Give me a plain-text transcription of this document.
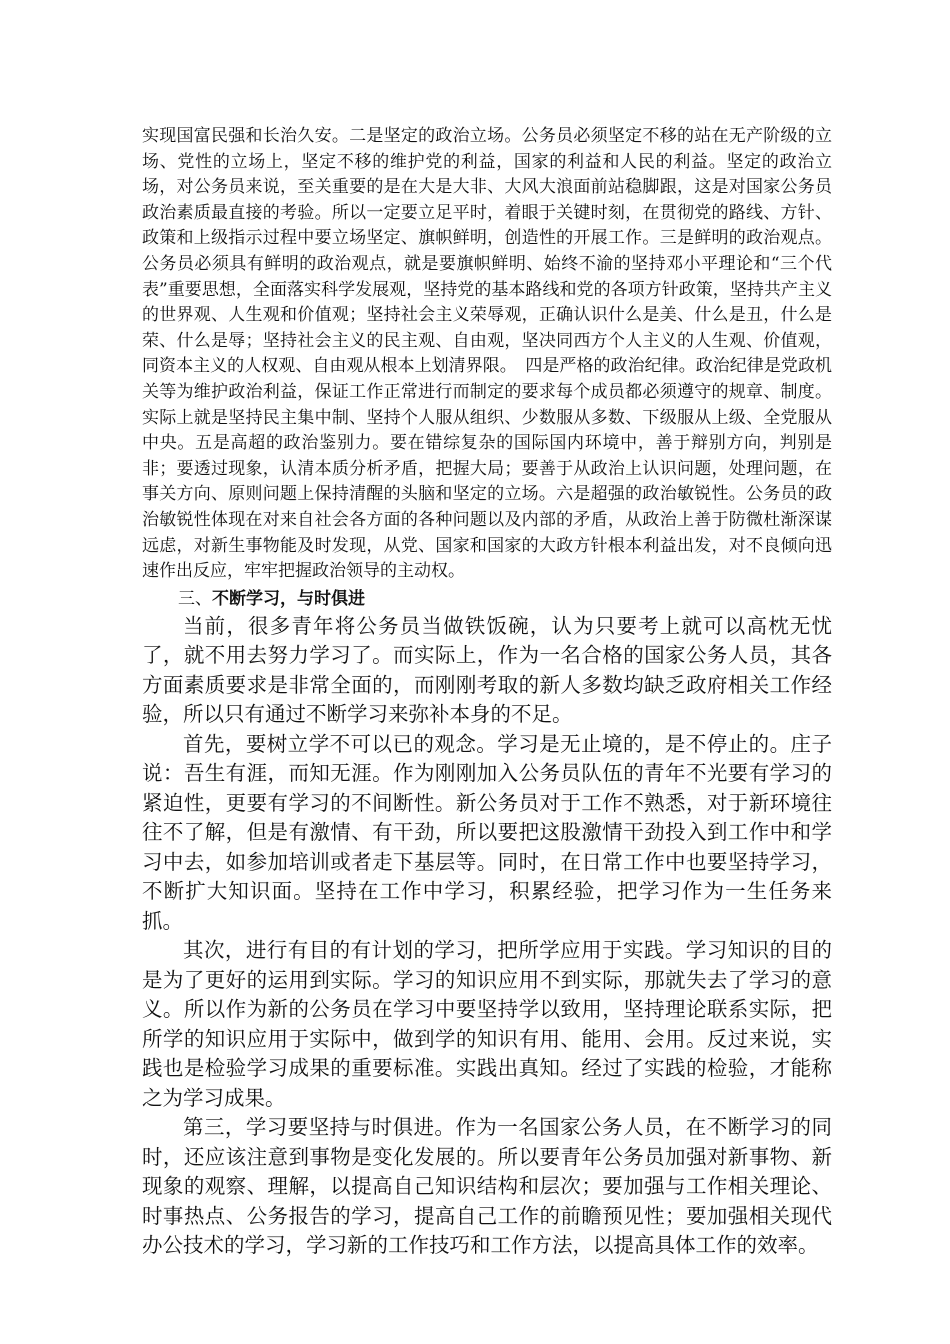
实现国富民强和长治久安。二是坚定的政治立场。公务员必须坚定不移的站在无产阶级的立场、党性的立场上，坚定不移的维护党的利益，国家的利益和人民的利益。坚定的政治立场，对公务员来说，至关重要的是在大是大非、大风大浪面前站稳脚跟，这是对国家公务员政治素质最直接的考验。所以一定要立足平时，着眼于关键时刻，在贯彻党的路线、方针、政策和上级指示过程中要立场坚定、旗帜鲜明，创造性的开展工作。三是鲜明的政治观点。公务员必须具有鲜明的政治观点，就是要旗帜鲜明、始终不渝的坚持邓小平理论和“三个代表”重要思想，全面落实科学发展观，坚持党的基本路线和党的各项方针政策，坚持共产主义的世界观、人生观和价值观；坚持社会主义荣辱观，正确认识什么是美、什么是丑，什么是荣、什么是辱；坚持社会主义的民主观、自由观，坚决同西方个人主义的人生观、价值观，同资本主义的人权观、自由观从根本上划清界限。　四是严格的政治纪律。政治纪律是党政机关等为维护政治利益，保证工作正常进行而制定的要求每个成员都必须遵守的规章、制度。实际上就是坚持民主集中制、坚持个人服从组织、少数服从多数、下级服从上级、全党服从中央。五是高超的政治鉴别力。要在错综复杂的国际国内环境中，善于辩别方向，判别是非；要透过现象，认清本质分析矛盾，把握大局；要善于从政治上认识问题，处理问题，在事关方向、原则问题上保持清醒的头脑和坚定的立场。六是超强的政治敏锐性。公务员的政治敏锐性体现在对来自社会各方面的各种问题以及内部的矛盾，从政治上善于防微杜渐深谋远虑，对新生事物能及时发现，从党、国家和国家的大政方针根本利益出发，对不良倾向迅速作出反应，牢牢把握政治领导的主动权。

三、不断学习，与时俱进

当前，很多青年将公务员当做铁饭碗，认为只要考上就可以高枕无忧了，就不用去努力学习了。而实际上，作为一名合格的国家公务人员，其各方面素质要求是非常全面的，而刚刚考取的新人多数均缺乏政府相关工作经验，所以只有通过不断学习来弥补本身的不足。

首先，要树立学不可以已的观念。学习是无止境的，是不停止的。庄子说：吾生有涯，而知无涯。作为刚刚加入公务员队伍的青年不光要有学习的紧迫性，更要有学习的不间断性。新公务员对于工作不熟悉，对于新环境往往不了解，但是有激情、有干劲，所以要把这股激情干劲投入到工作中和学习中去，如参加培训或者走下基层等。同时，在日常工作中也要坚持学习，不断扩大知识面。坚持在工作中学习，积累经验，把学习作为一生任务来抓。

其次，进行有目的有计划的学习，把所学应用于实践。学习知识的目的是为了更好的运用到实际。学习的知识应用不到实际，那就失去了学习的意义。所以作为新的公务员在学习中要坚持学以致用，坚持理论联系实际，把所学的知识应用于实际中，做到学的知识有用、能用、会用。反过来说，实践也是检验学习成果的重要标准。实践出真知。经过了实践的检验，才能称之为学习成果。

第三，学习要坚持与时俱进。作为一名国家公务人员，在不断学习的同时，还应该注意到事物是变化发展的。所以要青年公务员加强对新事物、新现象的观察、理解，以提高自己知识结构和层次；要加强与工作相关理论、时事热点、公务报告的学习，提高自己工作的前瞻预见性；要加强相关现代办公技术的学习，学习新的工作技巧和工作方法，以提高具体工作的效率。
